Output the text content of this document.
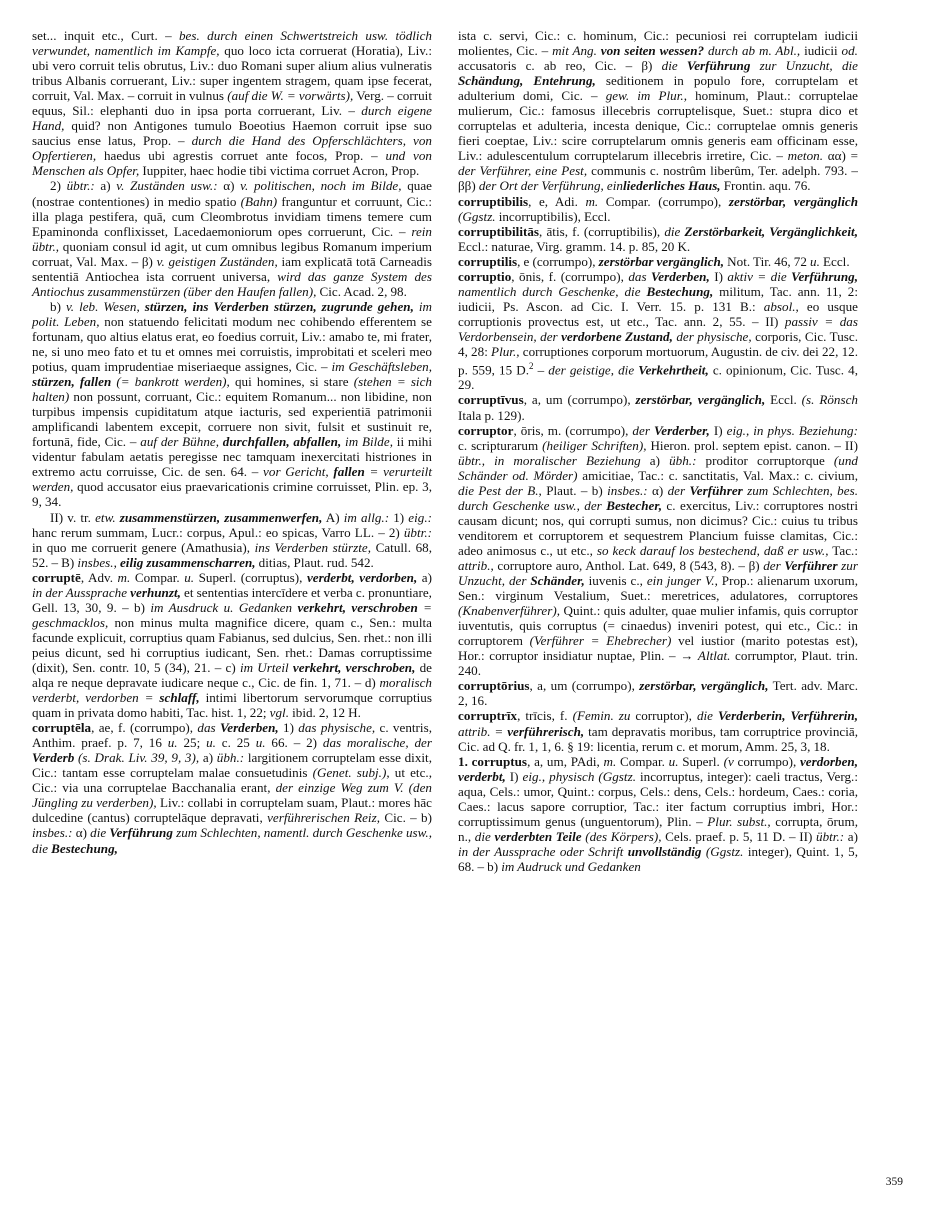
set... inquit etc., Curt. – bes. durch einen Schwertstreich usw. tödlich verwundet, namentlich im Kampfe, quo loco icta corruerat (Horatia), Liv.: ubi vero corruit telis obrutus, Liv.: duo Romani super alium alius vulneratis tribus Albanis corruerant, Liv.: super ingentem stragem, quam ipse fecerat, corruit, Val. Max. – corruit in vulnus (auf die W. = vorwärts), Verg. – corruit equus, Sil.: elephanti duo in ipsa porta corruerant, Liv. – durch eigene Hand, quid? non Antigones tumulo Boeotius Haemon corruit ipse suo saucius ense latus, Prop. – durch die Hand des Opferschlächters, von Opfertieren, haedus ubi agrestis corruet ante focos, Prop. – und von Menschen als Opfer, Iuppiter, haec hodie tibi victima corruet Acron, Prop.

2) übtr.: a) v. Zuständen usw.: α) v. politischen, noch im Bilde, quae (nostrae contentiones) in medio spatio (Bahn) franguntur et corruunt, Cic.: illa plaga pestifera, quā, cum Cleombrotus invidiam timens temere cum Epaminonda conflixisset, Lacedaemoniorum opes corruerunt, Cic. – rein übtr., quoniam consul id agit, ut cum omnibus legibus Romanum imperium corruat, Val. Max. – β) v. geistigen Zuständen, iam explicatā totā Carneadis sententiā Antiochea ista corruent universa, wird das ganze System des Antiochus zusammenstürzen (über den Haufen fallen), Cic. Acad. 2, 98.

b) v. leb. Wesen, stürzen, ins Verderben stürzen, zugrunde gehen, im polit. Leben, non statuendo felicitati modum nec cohibendo efferentem se fortunam, quo altius elatus erat, eo foedius corruit, Liv.: amabo te, mi frater, ne, si uno meo fato et tu et omnes mei corruistis, improbitati et sceleri meo potius, quam imprudentiae miseriaeque assignes, Cic. – im Geschäftsleben, stürzen, fallen (= bankrott werden), qui homines, si stare (stehen = sich halten) non possunt, corruant, Cic.: equitem Romanum... non libidine, non turpibus impensis cupiditatum atque iacturis, sed experientiā patrimonii amplificandi labentem excepit, corruere non sivit, fulsit et sustinuit re, fortunā, fide, Cic. – auf der Bühne, durchfallen, abfallen, im Bilde, ii mihi videntur fabulam aetatis peregisse nec tamquam inexercitati histriones in extremo actu corruisse, Cic. de sen. 64. – vor Gericht, fallen = verurteilt werden, quod accusator eius praevaricationis crimine corruisset, Plin. ep. 3, 9, 34.

II) v. tr. etw. zusammenstürzen, zusammenwerfen, A) im allg.: 1) eig.: hanc rerum summam, Lucr.: corpus, Apul.: eo spicas, Varro LL. – 2) übtr.: in quo me corruerit genere (Amathusia), ins Verderben stürzte, Catull. 68, 52. – B) insbes., eilig zusammenscharren, ditias, Plaut. rud. 542.

corruptē, Adv. m. Compar. u. Superl. (corruptus), verderbt, verdorben, a) in der Aussprache verhunzt, et sententias intercīdere et verba c. pronuntiare, Gell. 13, 30, 9. – b) im Ausdruck u. Gedanken verkehrt, verschroben = geschmacklos, non minus multa magnifice dicere, quam c., Sen.: multa facunde explicuit, corruptius quam Fabianus, sed dulcius, Sen. rhet.: non illi peius dicunt, sed hi corruptius iudicant, Sen. rhet.: Damas corruptissime (dixit), Sen. contr. 10, 5 (34), 21. – c) im Urteil verkehrt, verschroben, de alqa re neque depravate iudicare neque c., Cic. de fin. 1, 71. – d) moralisch verderbt, verdorben = schlaff, intimi libertorum servorumque corruptius quam in privata domo habiti, Tac. hist. 1, 22; vgl. ibid. 2, 12 H.

corruptēla, ae, f. (corrumpo), das Verderben, 1) das physische, c. ventris, Anthim. praef. p. 7, 16 u. 25; u. c. 25 u. 66. – 2) das moralische, der Verderb (s. Drak. Liv. 39, 9, 3), a) übh.: largitionem corruptelam esse dixit, Cic.: tantam esse corruptelam malae consuetudinis (Genet. subj.), ut etc., Cic.: via una corruptelae Bacchanalia erant, der einzige Weg zum V. (den Jüngling zu verderben), Liv.: collabi in corruptelam suam, Plaut.: mores hāc dulcedine (cantus) corruptelāque depravati, verführerischen Reiz, Cic. – b) insbes.: α) die Verführung zum Schlechten, namentl. durch Geschenke usw., die Bestechung,

ista c. servi, Cic.: c. hominum, Cic.: pecuniosi rei corruptelam iudicii molientes, Cic. – mit Ang. von seiten wessen? durch ab m. Abl., iudicii od. accusatoris c. ab reo, Cic. – β) die Verführung zur Unzucht, die Schändung, Entehrung, seditionem in populo fore, corruptelam et adulterium domi, Cic. – gew. im Plur., hominum, Plaut.: corruptelae mulierum, Cic.: famosus illecebris corruptelisque, Suet.: stupra dico et corruptelas et adulteria, incesta denique, Cic.: corruptelae omnis generis fieri coeptae, Liv.: scire corruptelarum omnis generis eam officinam esse, Liv.: adulescentulum corruptelarum illecebris irretire, Cic. – meton. αα) = der Verführer, eine Pest, communis c. nostrûm liberûm, Ter. adelph. 793. – ββ) der Ort der Verführung, einliederliches Haus, Frontin. aqu. 76.

corruptibilis, e, Adi. m. Compar. (corrumpo), zerstörbar, vergänglich (Ggstz. incorruptibilis), Eccl.

corruptibilitās, ātis, f. (corruptibilis), die Zerstörbarkeit, Vergänglichkeit, Eccl.: naturae, Virg. gramm. 14. p. 85, 20 K.

corruptilis, e (corrumpo), zerstörbar vergänglich, Not. Tir. 46, 72 u. Eccl.

corruptio, ōnis, f. (corrumpo), das Verderben, I) aktiv = die Verführung, namentlich durch Geschenke, die Bestechung, militum, Tac. ann. 11, 2: iudicii, Ps. Ascon. ad Cic. I. Verr. 15. p. 131 B.: absol., eo usque corruptionis provectus est, ut etc., Tac. ann. 2, 55. – II) passiv = das Verdorbensein, der verdorbene Zustand, der physische, corporis, Cic. Tusc. 4, 28: Plur., corruptiones corporum mortuorum, Augustin. de civ. dei 22, 12. p. 559, 15 D.$^2$ – der geistige, die Verkehrtheit, c. opinionum, Cic. Tusc. 4, 29.

corruptīvus, a, um (corrumpo), zerstörbar, vergänglich, Eccl. (s. Rönsch Itala p. 129).

corruptor, ōris, m. (corrumpo), der Verderber, I) eig., in phys. Beziehung: c. scripturarum (heiliger Schriften), Hieron. prol. septem epist. canon. – II) übtr., in moralischer Beziehung a) übh.: proditor corruptorque (und Schänder od. Mörder) amicitiae, Tac.: c. sanctitatis, Val. Max.: c. civium, die Pest der B., Plaut. – b) insbes.: α) der Verführer zum Schlechten, bes. durch Geschenke usw., der Bestecher, c. exercitus, Liv.: corruptores nostri causam dicunt; nos, qui corrupti sumus, non dicimus? Cic.: cuius tu tribus venditorem et corruptorem et sequestrem Plancium fuisse clamitas, Cic.: adeo animosus c., ut etc., so keck darauf los bestechend, daß er usw., Tac.: attrib., corruptore auro, Anthol. Lat. 649, 8 (543, 8). – β) der Verführer zur Unzucht, der Schänder, iuvenis c., ein junger V., Prop.: alienarum uxorum, Sen.: virginum Vestalium, Suet.: meretrices, adulatores, corruptores (Knabenverführer), Quint.: quis adulter, quae mulier infamis, quis corruptor iuventutis, quis corruptus (= cinaedus) inveniri potest, qui etc., Cic.: in corruptorem (Verführer = Ehebrecher) vel iustior (marito potestas est), Hor.: corruptor insidiatur nuptae, Plin. – → Altlat. corrumptor, Plaut. trin. 240.

corruptōrius, a, um (corrumpo), zerstörbar, vergänglich, Tert. adv. Marc. 2, 16.

corruptrīx, trīcis, f. (Femin. zu corruptor), die Verderberin, Verführerin, attrib. = verführerisch, tam depravatis moribus, tam corruptrice provinciā, Cic. ad Q. fr. 1, 1, 6. § 19: licentia, rerum c. et morum, Amm. 25, 3, 18.

1. corruptus, a, um, PAdi, m. Compar. u. Superl. (v corrumpo), verdorben, verderbt, I) eig., physisch (Ggstz. incorruptus, integer): caeli tractus, Verg.: aqua, Cels.: umor, Quint.: corpus, Cels.: dens, Cels.: hordeum, Caes.: coria, Caes.: lacus sapore corruptior, Tac.: iter factum corruptius imbri, Hor.: corruptissimum genus (unguentorum), Plin. – Plur. subst., corrupta, ōrum, n., die verderbten Teile (des Körpers), Cels. praef. p. 5, 11 D. – II) übtr.: a) in der Aussprache oder Schrift unvollständig (Ggstz. integer), Quint. 1, 5, 68. – b) im Audruck und Gedanken

359
